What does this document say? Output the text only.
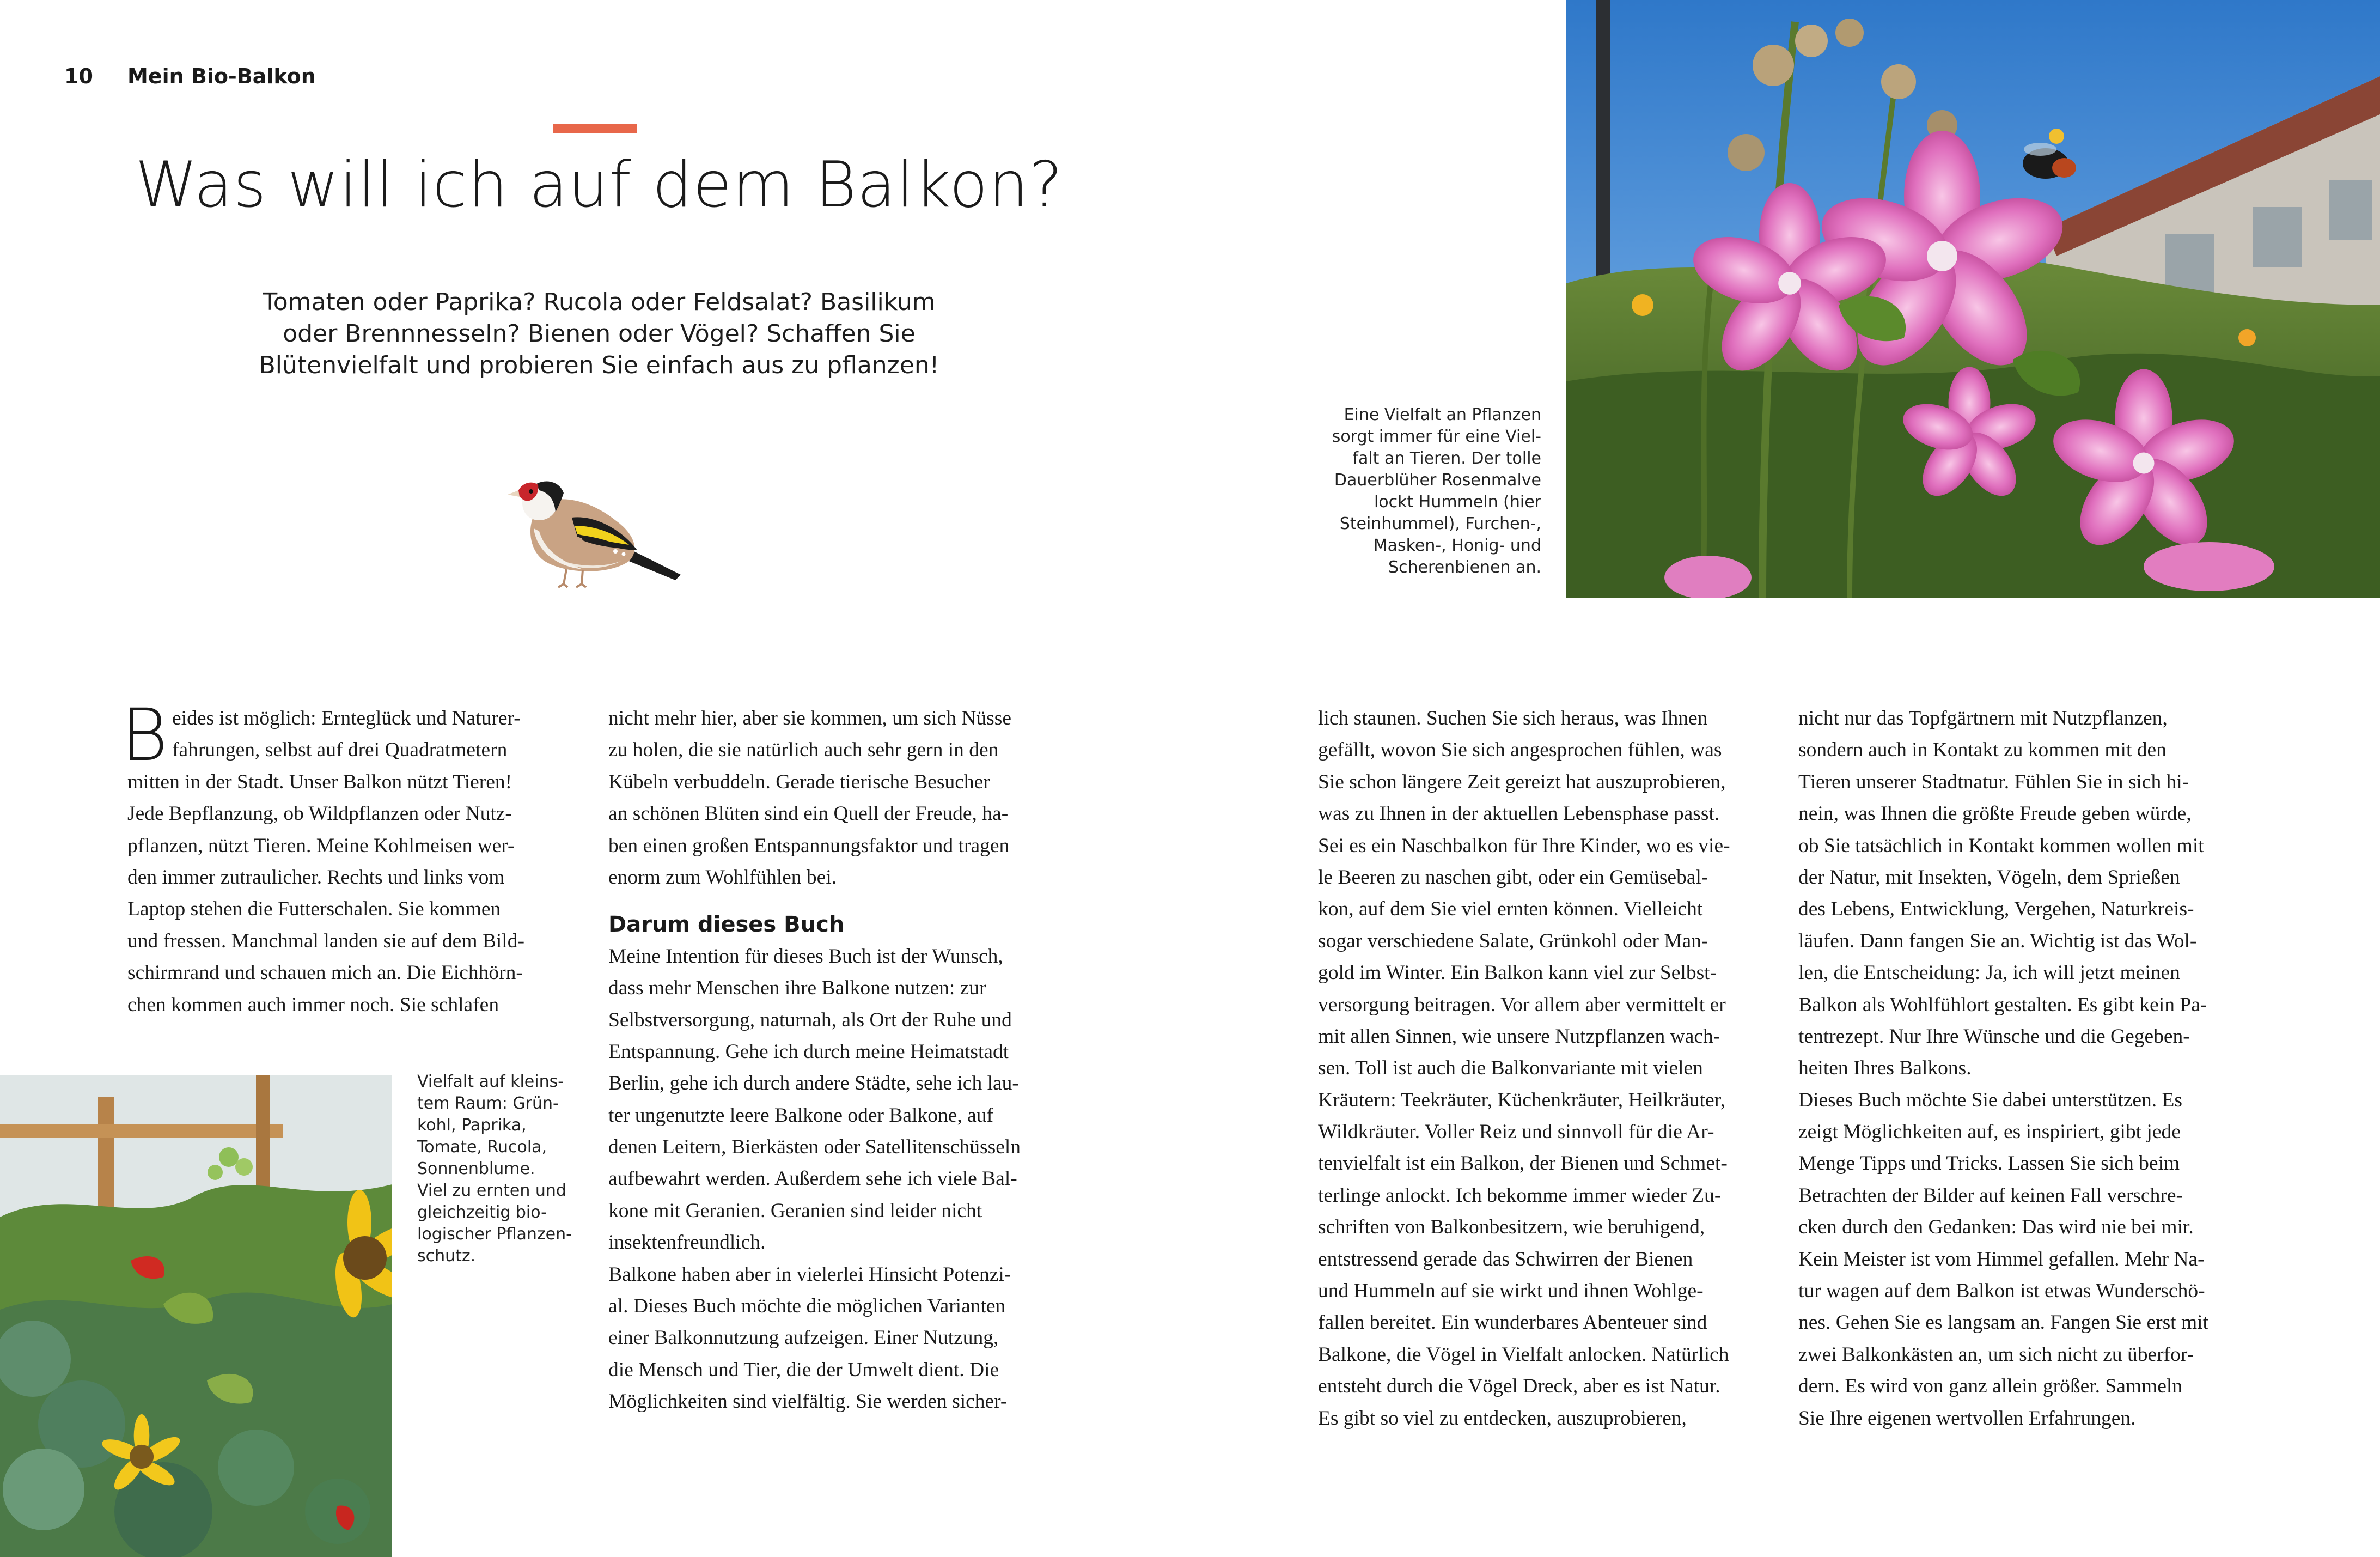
10 Mein Bio-Balkon
Was will ich auf dem Balkon?
Tomaten oder Paprika? Rucola oder Feldsalat? Basilikum
oder Brennnesseln? Bienen oder Vögel? Schaffen Sie
Blütenvielfalt und probieren Sie einfach aus zu pflanzen!
Eine Vielfalt an Pflanzen
sorgt immer für eine Viel-
falt an Tieren. Der tolle
Dauerblüher Rosenmalve
lockt Hummeln (hier
Steinhummel), Furchen-,
Masken-, Honig- und
Scherenbienen an.
Vielfalt auf kleins-
tem Raum: Grün-
kohl, Paprika,
Tomate, Rucola,
Sonnenblume.
Viel zu ernten und
gleichzeitig bio-
logischer Pflanzen-
schutz.
B eides ist möglich: Ernteglück und Naturer-
fahrungen, selbst auf drei Quadratmetern
mitten in der Stadt. Unser Balkon nützt Tieren!
Jede Bepflanzung, ob Wildpflanzen oder Nutz-
pflanzen, nützt Tieren. Meine Kohlmeisen wer-
den immer zutraulicher. Rechts und links vom
Laptop stehen die Futterschalen. Sie kommen
und fressen. Manchmal landen sie auf dem Bild-
schirmrand und schauen mich an. Die Eichhörn-
chen kommen auch immer noch. Sie schlafen
nicht mehr hier, aber sie kommen, um sich Nüsse
zu holen, die sie natürlich auch sehr gern in den
Kübeln verbuddeln. Gerade tierische Besucher
an schönen Blüten sind ein Quell der Freude, ha-
ben einen großen Entspannungsfaktor und tragen
enorm zum Wohlfühlen bei.
Darum dieses Buch
Meine Intention für dieses Buch ist der Wunsch,
dass mehr Menschen ihre Balkone nutzen: zur
Selbstversorgung, naturnah, als Ort der Ruhe und
Entspannung. Gehe ich durch meine Heimatstadt
Berlin, gehe ich durch andere Städte, sehe ich lau-
ter ungenutzte leere Balkone oder Balkone, auf
denen Leitern, Bierkästen oder Satellitenschüsseln
aufbewahrt werden. Außerdem sehe ich viele Bal-
kone mit Geranien. Geranien sind leider nicht
insektenfreundlich.
Balkone haben aber in vielerlei Hinsicht Potenzi-
al. Dieses Buch möchte die möglichen Varianten
einer Balkonnutzung aufzeigen. Einer Nutzung,
die Mensch und Tier, die der Umwelt dient. Die
Möglichkeiten sind vielfältig. Sie werden sicher-
lich staunen. Suchen Sie sich heraus, was Ihnen
gefällt, wovon Sie sich angesprochen fühlen, was
Sie schon längere Zeit gereizt hat auszuprobieren,
was zu Ihnen in der aktuellen Lebensphase passt.
Sei es ein Naschbalkon für Ihre Kinder, wo es vie-
le Beeren zu naschen gibt, oder ein Gemüsebal-
kon, auf dem Sie viel ernten können. Vielleicht
sogar verschiedene Salate, Grünkohl oder Man-
gold im Winter. Ein Balkon kann viel zur Selbst-
versorgung beitragen. Vor allem aber vermittelt er
mit allen Sinnen, wie unsere Nutzpflanzen wach-
sen. Toll ist auch die Balkonvariante mit vielen
Kräutern: Teekräuter, Küchenkräuter, Heilkräuter,
Wildkräuter. Voller Reiz und sinnvoll für die Ar-
tenvielfalt ist ein Balkon, der Bienen und Schmet-
terlinge anlockt. Ich bekomme immer wieder Zu-
schriften von Balkonbesitzern, wie beruhigend,
entstressend gerade das Schwirren der Bienen
und Hummeln auf sie wirkt und ihnen Wohlge-
fallen bereitet. Ein wunderbares Abenteuer sind
Balkone, die Vögel in Vielfalt anlocken. Natürlich
entsteht durch die Vögel Dreck, aber es ist Natur.
Es gibt so viel zu entdecken, auszuprobieren,
nicht nur das Topfgärtnern mit Nutzpflanzen,
sondern auch in Kontakt zu kommen mit den
Tieren unserer Stadtnatur. Fühlen Sie in sich hi-
nein, was Ihnen die größte Freude geben würde,
ob Sie tatsächlich in Kontakt kommen wollen mit
der Natur, mit Insekten, Vögeln, dem Sprießen
des Lebens, Entwicklung, Vergehen, Naturkreis-
läufen. Dann fangen Sie an. Wichtig ist das Wol-
len, die Entscheidung: Ja, ich will jetzt meinen
Balkon als Wohlfühlort gestalten. Es gibt kein Pa-
tentrezept. Nur Ihre Wünsche und die Gegeben-
heiten Ihres Balkons.
Dieses Buch möchte Sie dabei unterstützen. Es
zeigt Möglichkeiten auf, es inspiriert, gibt jede
Menge Tipps und Tricks. Lassen Sie sich beim
Betrachten der Bilder auf keinen Fall verschre-
cken durch den Gedanken: Das wird nie bei mir.
Kein Meister ist vom Himmel gefallen. Mehr Na-
tur wagen auf dem Balkon ist etwas Wunderschö-
nes. Gehen Sie es langsam an. Fangen Sie erst mit
zwei Balkonkästen an, um sich nicht zu überfor-
dern. Es wird von ganz allein größer. Sammeln
Sie Ihre eigenen wertvollen Erfahrungen.
